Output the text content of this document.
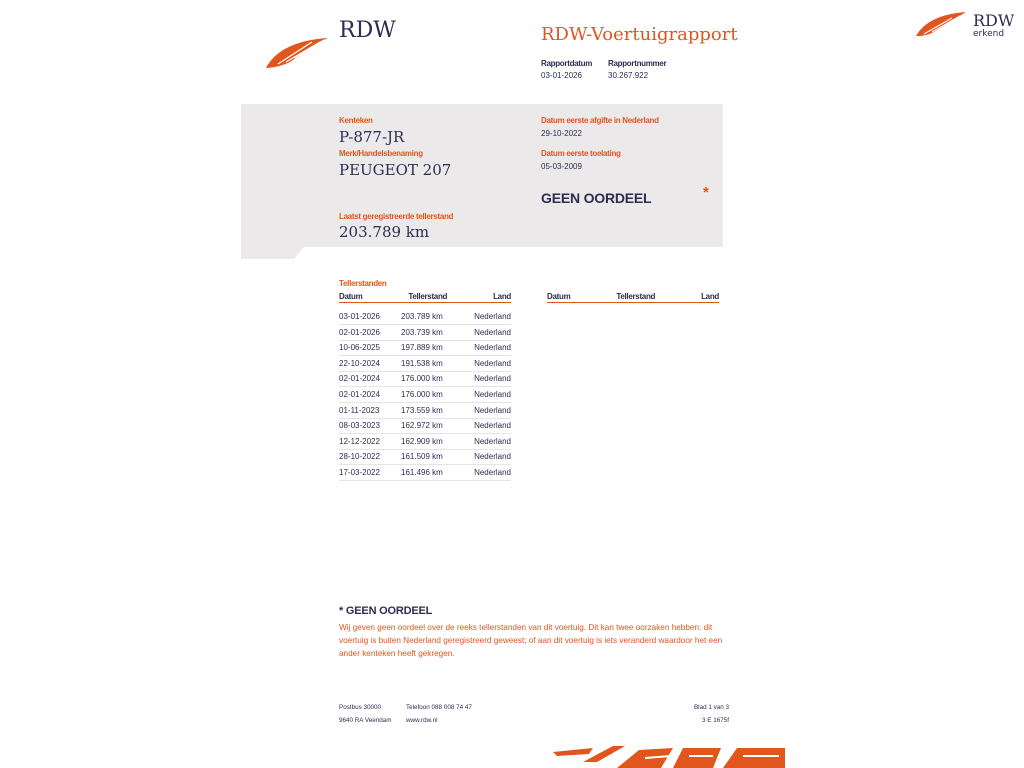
RDW	RDW-Voertuigrapport
Rapportdatum
03-01-2026
Rapportnummer
30.267.922
RDW
erkend
Kenteken
P-877-JR
Merk/Handelsbenaming
PEUGEOT 207
Laatst geregistreerde tellerstand
203.789 km
Datum eerste afgifte in Nederland
29-10-2022
Datum eerste toelating
05-03-2009
GEEN OORDEEL	*
Tellerstanden
Datum	Tellerstand	Land
03-01-2026	203.789 km	Nederland
02-01-2026	203.739 km	Nederland
10-06-2025	197.889 km	Nederland
22-10-2024	191.538 km	Nederland
02-01-2024	176.000 km	Nederland
02-01-2024	176.000 km	Nederland
01-11-2023	173.559 km	Nederland
08-03-2023	162.972 km	Nederland
12-12-2022	162.909 km	Nederland
28-10-2022	161.509 km	Nederland
17-03-2022	161.496 km	Nederland
Datum	Tellerstand	Land
* GEEN OORDEEL
Wij geven geen oordeel over de reeks tellerstanden van dit voertuig. Dit kan twee oorzaken hebben: dit voertuig is buiten Nederland geregistreerd geweest; of aan dit voertuig is iets veranderd waardoor het een ander kenteken heeft gekregen.
Postbus 30000
9640 RA Veendam
Telefoon 088 008 74 47
www.rdw.nl
Blad 1 van 3
3 E 1675f
